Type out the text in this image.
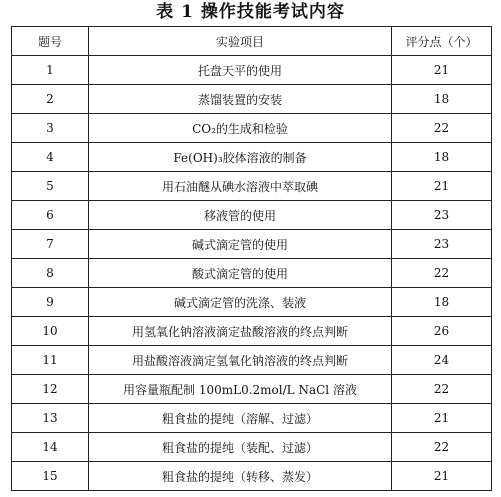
表 1 操作技能考试内容
题号	实验项目	评分点（个）
1	托盘天平的使用	21
2	蒸馏装置的安装	18
3	CO₂的生成和检验	22
4	Fe(OH)₃胶体溶液的制备	18
5	用石油醚从碘水溶液中萃取碘	21
6	移液管的使用	23
7	碱式滴定管的使用	23
8	酸式滴定管的使用	22
9	碱式滴定管的洗涤、装液	18
10	用氢氧化钠溶液滴定盐酸溶液的终点判断	26
11	用盐酸溶液滴定氢氧化钠溶液的终点判断	24
12	用容量瓶配制 100mL0.2mol/L NaCl 溶液	22
13	粗食盐的提纯（溶解、过滤）	21
14	粗食盐的提纯（装配、过滤）	22
15	粗食盐的提纯（转移、蒸发）	21
